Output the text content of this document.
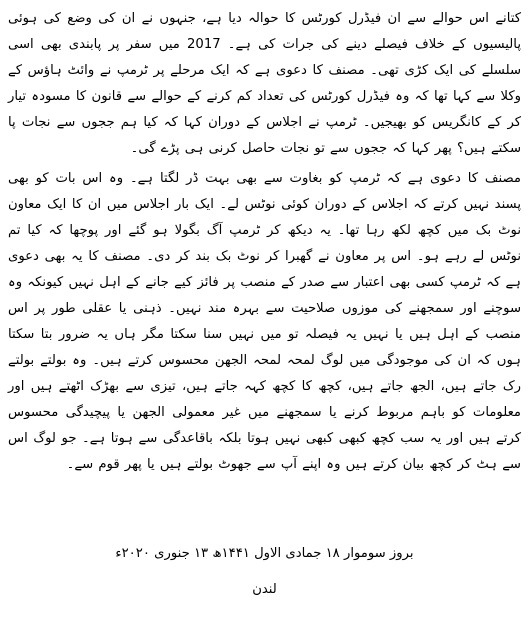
کتانے اس حوالے سے ان فیڈرل کورٹس کا حوالہ دیا ہے، جنہوں نے ان کی وضع کی ہوئی پالیسیوں کے خلاف فیصلے دینے کی جرات کی ہے۔ 2017 میں سفر پر پابندی بھی اسی سلسلے کی ایک کڑی تھی۔ مصنف کا دعوی ہے کہ ایک مرحلے پر ٹرمپ نے وائٹ ہاؤس کے وکلا سے کہا تھا کہ وہ فیڈرل کورٹس کی تعداد کم کرنے کے حوالے سے قانون کا مسودہ تیار کر کے کانگریس کو بھیجیں۔ ٹرمپ نے اجلاس کے دوران کہا کہ کیا ہم ججوں سے نجات پا سکتے ہیں؟ پھر کہا کہ ججوں سے تو نجات حاصل کرنی ہی پڑے گی۔

مصنف کا دعوی ہے کہ ٹرمپ کو بغاوت سے بھی بہت ڈر لگتا ہے۔ وہ اس بات کو بھی پسند نہیں کرتے کہ اجلاس کے دوران کوئی نوٹس لے۔ ایک بار اجلاس میں ان کا ایک معاون نوٹ بک میں کچھ لکھ رہا تھا۔ یہ دیکھ کر ٹرمپ آگ بگولا ہو گئے اور پوچھا کہ کیا تم نوٹس لے رہے ہو۔ اس پر معاون نے گھبرا کر نوٹ بک بند کر دی۔ مصنف کا یہ بھی دعوی ہے کہ ٹرمپ کسی بھی اعتبار سے صدر کے منصب پر فائز کیے جانے کے اہل نہیں کیونکہ وہ سوچنے اور سمجھنے کی موزوں صلاحیت سے بہرہ مند نہیں۔ ذہنی یا عقلی طور پر اس منصب کے اہل ہیں یا نہیں یہ فیصلہ تو میں نہیں سنا سکتا مگر ہاں یہ ضرور بتا سکتا ہوں کہ ان کی موجودگی میں لوگ لمحہ لمحہ الجھن محسوس کرتے ہیں۔ وہ بولتے بولتے رک جاتے ہیں، الجھ جاتے ہیں، کچھ کا کچھ کہہ جاتے ہیں، تیزی سے بھڑک اٹھتے ہیں اور معلومات کو باہم مربوط کرنے یا سمجھنے میں غیر معمولی الجھن یا پیچیدگی محسوس کرتے ہیں اور یہ سب کچھ کبھی کبھی نہیں ہوتا بلکہ باقاعدگی سے ہوتا ہے۔ جو لوگ اس سے ہٹ کر کچھ بیان کرتے ہیں وہ اپنے آپ سے جھوٹ بولتے ہیں یا پھر قوم سے۔

بروز سوموار ۱۸ جمادی الاول ۱۴۴۱ھ ۱۳ جنوری ۲۰۲۰ء
لندن
